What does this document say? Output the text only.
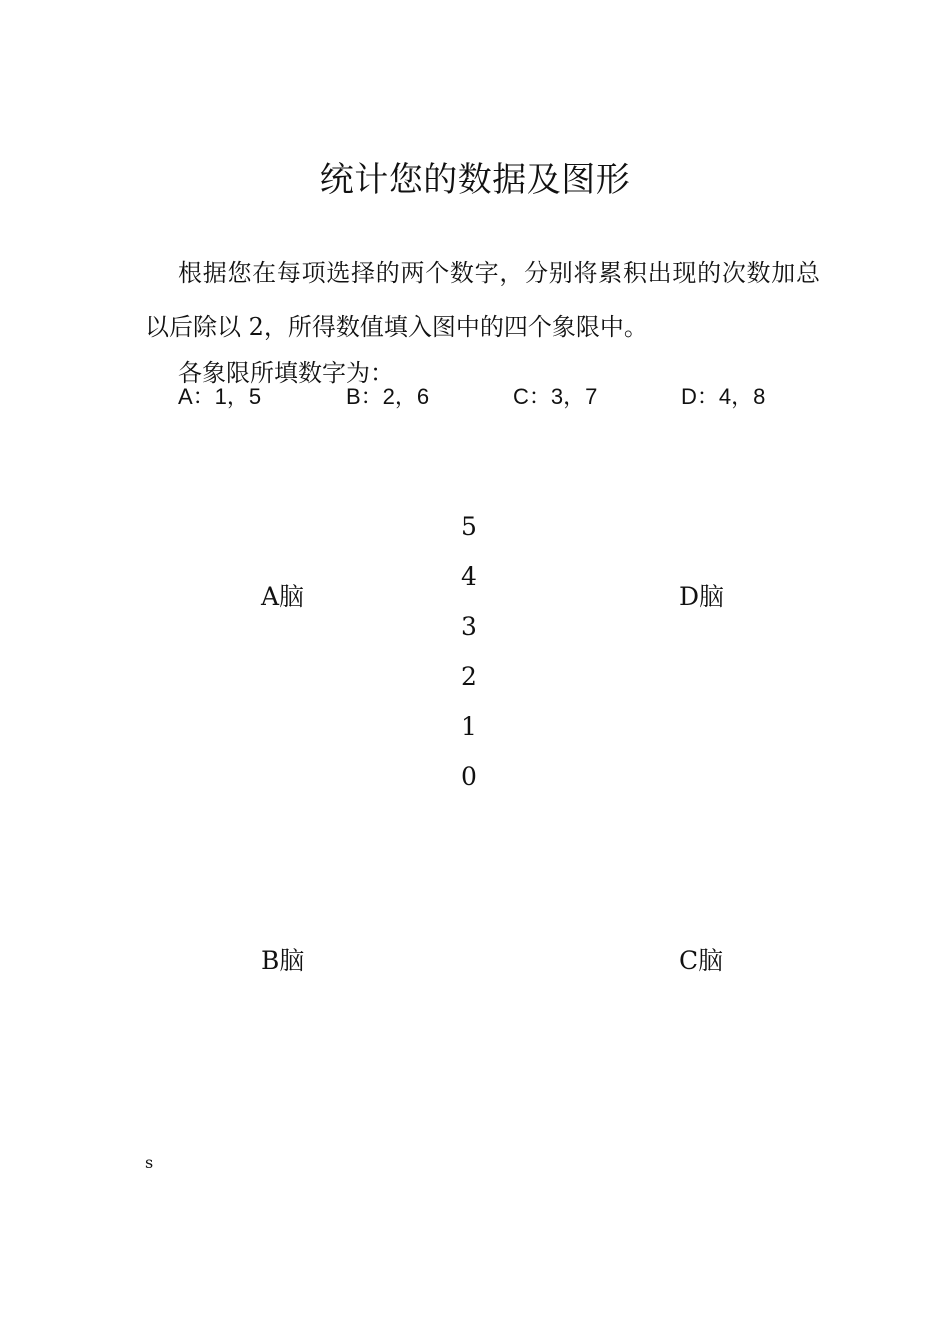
统计您的数据及图形

根据您在每项选择的两个数字，分别将累积出现的次数加总以后除以 2，所得数值填入图中的四个象限中。

各象限所填数字为：

A：1，5	B：2，6	C：3，7	D：4，8
5
4
3
2
1
0
A脑	D脑
B脑	C脑
s
